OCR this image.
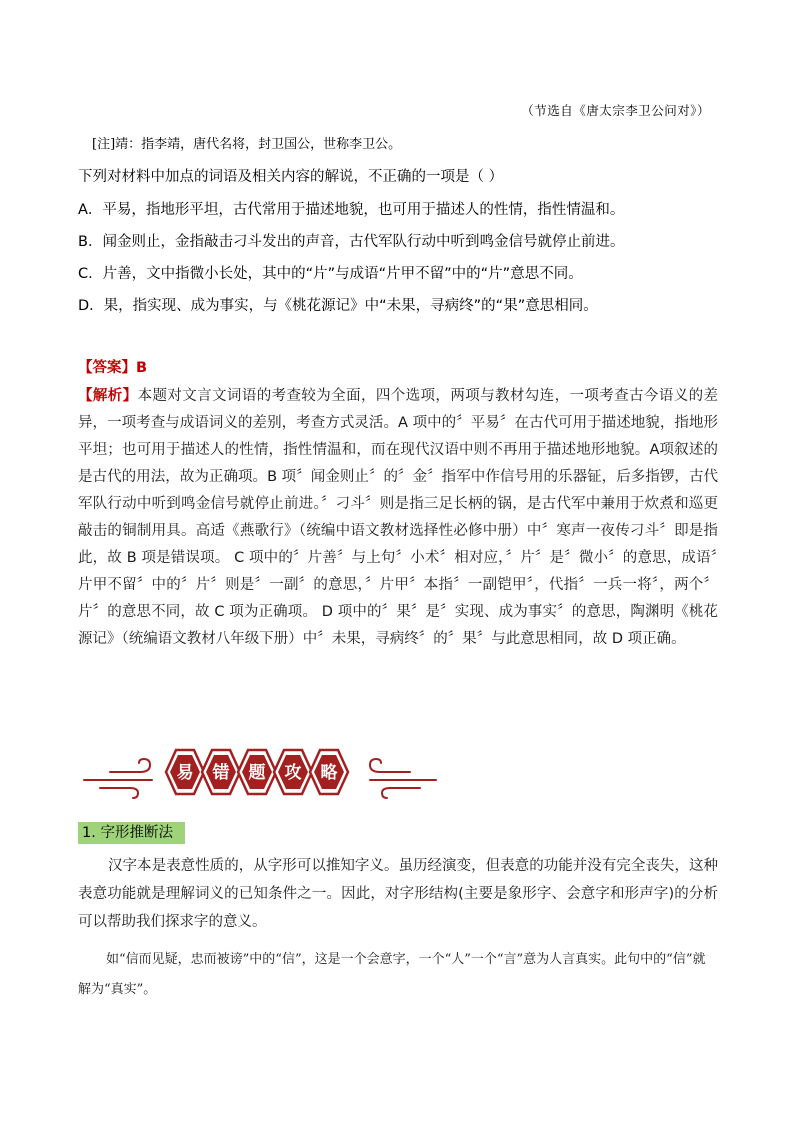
（节选自《唐太宗李卫公问对》）
[注]靖：指李靖，唐代名将，封卫国公，世称李卫公。
下列对材料中加点的词语及相关内容的解说，不正确的一项是（ ）
A．平易，指地形平坦，古代常用于描述地貌，也可用于描述人的性情，指性情温和。
B．闻金则止，金指敲击刁斗发出的声音，古代军队行动中听到鸣金信号就停止前进。
C．片善，文中指微小长处，其中的“片”与成语“片甲不留”中的“片”意思不同。
D．果，指实现、成为事实，与《桃花源记》中“未果，寻病终”的“果”意思相同。
【答案】B
【解析】本题对文言文词语的考查较为全面，四个选项，两项与教材勾连，一项考查古今语义的差异，一项考查与成语词义的差别，考查方式灵活。A 项中的〞平易〞在古代可用于描述地貌，指地形平坦；也可用于描述人的性情，指性情温和，而在现代汉语中则不再用于描述地形地貌。A项叙述的是古代的用法，故为正确项。B 项〞闻金则止〞的〞金〞指军中作信号用的乐器钲，后多指锣，古代军队行动中听到鸣金信号就停止前进。〞刁斗〞则是指三足长柄的锅，是古代军中兼用于炊煮和巡更敲击的铜制用具。高适《燕歌行》（统编中语文教材选择性必修中册）中〞寒声一夜传刁斗〞即是指此，故 B 项是错误项。 C 项中的〞片善〞与上句〞小术〞相对应，〞片〞是〞微小〞的意思，成语〞片甲不留〞中的〞片〞则是〞一副〞的意思，〞片甲〞本指〞一副铠甲〞，代指〞一兵一将〞，两个〞片〞的意思不同，故 C 项为正确项。 D 项中的〞果〞是〞实现、成为事实〞的意思，陶渊明《桃花源记》（统编语文教材八年级下册）中〞未果，寻病终〞的〞果〞与此意思相同，故 D 项正确。
易 错 题 攻 略
1. 字形推断法
汉字本是表意性质的，从字形可以推知字义。虽历经演变，但表意的功能并没有完全丧失，这种表意功能就是理解词义的已知条件之一。因此，对字形结构(主要是象形字、会意字和形声字)的分析可以帮助我们探求字的意义。
如“信而见疑，忠而被谤”中的“信”，这是一个会意字，一个“人”一个“言”意为人言真实。此句中的“信”就解为“真实”。
